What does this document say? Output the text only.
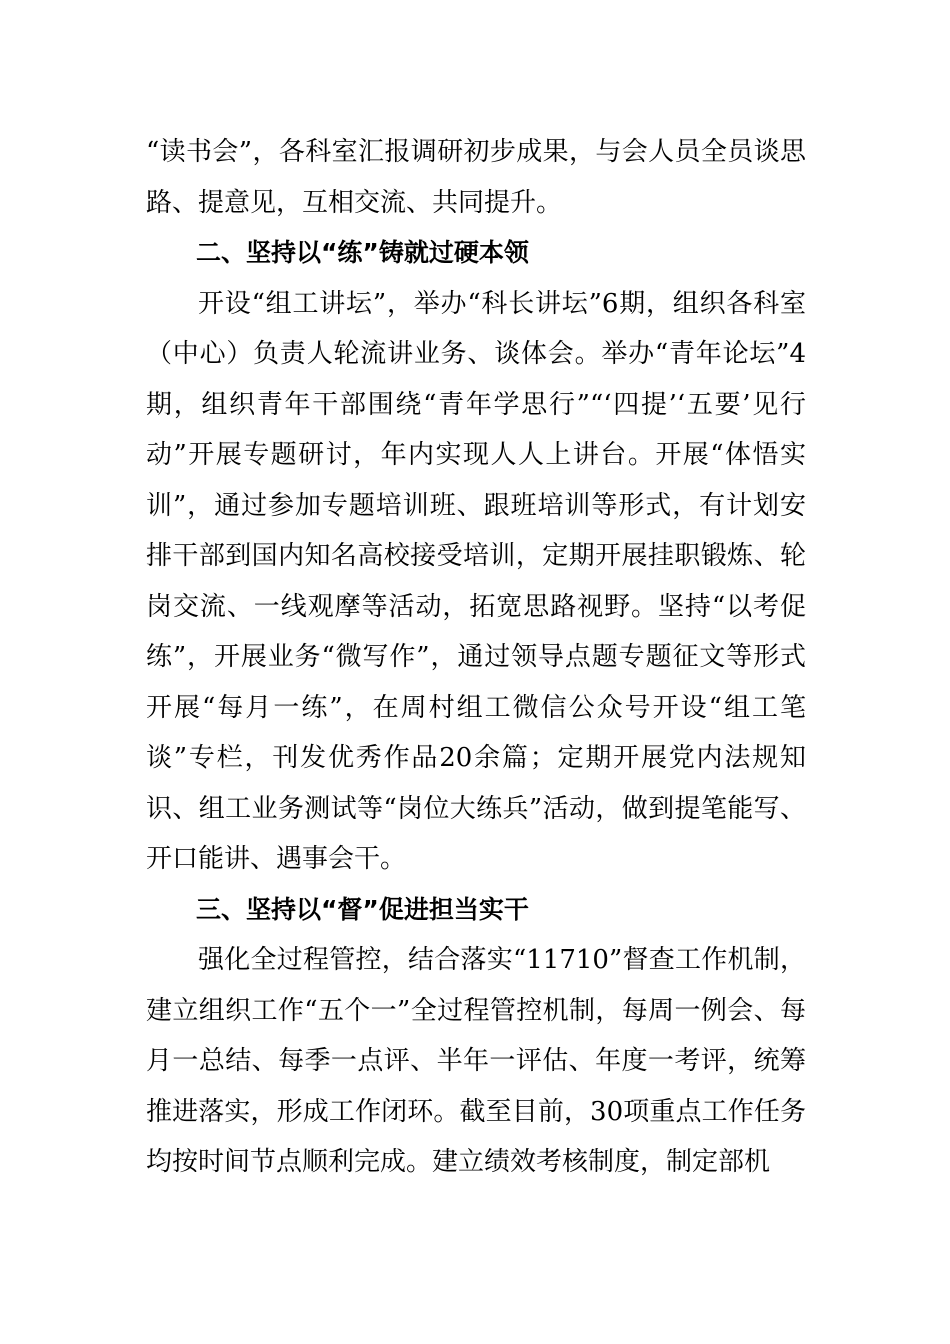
“读书会”，各科室汇报调研初步成果，与会人员全员谈思路、提意见，互相交流、共同提升。

二、坚持以“练”铸就过硬本领

开设“组工讲坛”，举办“科长讲坛”6期，组织各科室（中心）负责人轮流讲业务、谈体会。举办“青年论坛”4期，组织青年干部围绕“青年学思行”“‘四提’‘五要’见行动”开展专题研讨，年内实现人人上讲台。开展“体悟实训”，通过参加专题培训班、跟班培训等形式，有计划安排干部到国内知名高校接受培训，定期开展挂职锻炼、轮岗交流、一线观摩等活动，拓宽思路视野。坚持“以考促练”，开展业务“微写作”，通过领导点题专题征文等形式开展“每月一练”，在周村组工微信公众号开设“组工笔谈”专栏，刊发优秀作品20余篇；定期开展党内法规知识、组工业务测试等“岗位大练兵”活动，做到提笔能写、开口能讲、遇事会干。

三、坚持以“督”促进担当实干

强化全过程管控，结合落实“11710”督查工作机制，建立组织工作“五个一”全过程管控机制，每周一例会、每月一总结、每季一点评、半年一评估、年度一考评，统筹推进落实，形成工作闭环。截至目前，30项重点工作任务均按时间节点顺利完成。建立绩效考核制度，制定部机
